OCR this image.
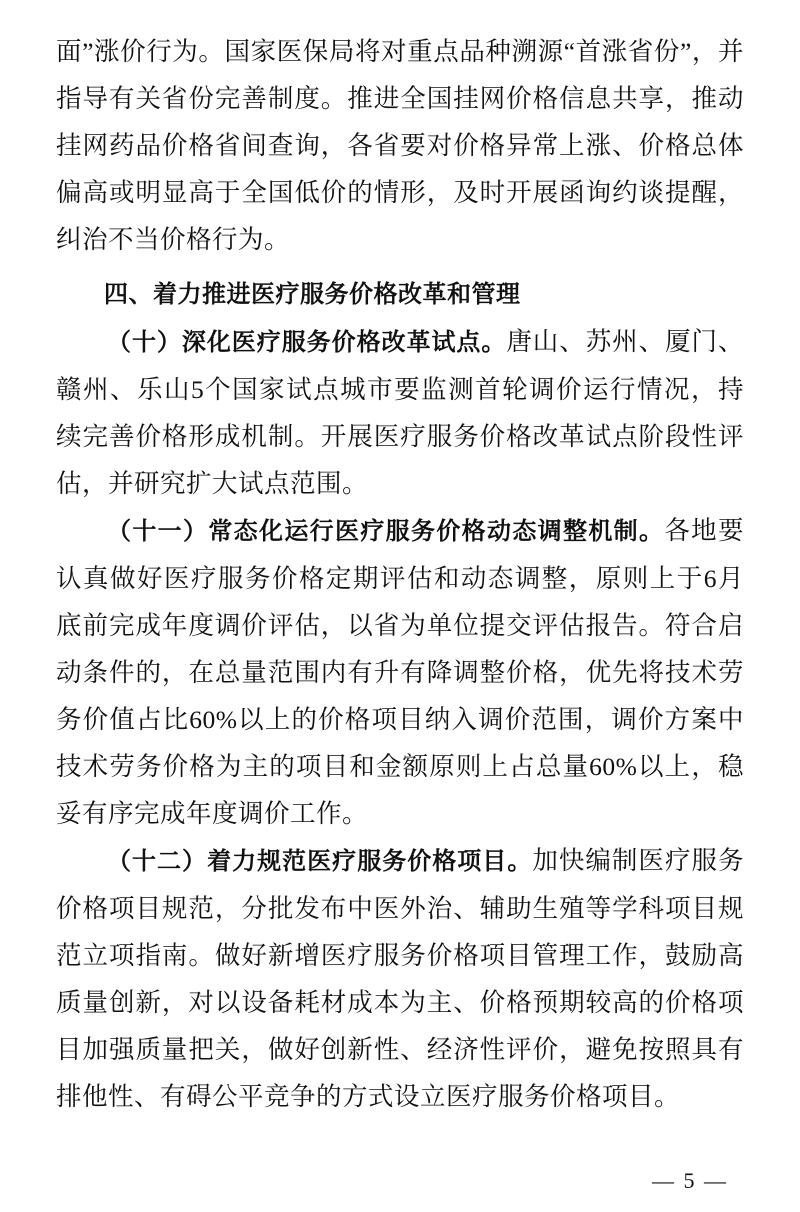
面”涨价行为。国家医保局将对重点品种溯源“首涨省份”，并指导有关省份完善制度。推进全国挂网价格信息共享，推动挂网药品价格省间查询，各省要对价格异常上涨、价格总体偏高或明显高于全国低价的情形，及时开展函询约谈提醒，纠治不当价格行为。

四、着力推进医疗服务价格改革和管理

（十）深化医疗服务价格改革试点。唐山、苏州、厦门、赣州、乐山5个国家试点城市要监测首轮调价运行情况，持续完善价格形成机制。开展医疗服务价格改革试点阶段性评估，并研究扩大试点范围。

（十一）常态化运行医疗服务价格动态调整机制。各地要认真做好医疗服务价格定期评估和动态调整，原则上于6月底前完成年度调价评估，以省为单位提交评估报告。符合启动条件的，在总量范围内有升有降调整价格，优先将技术劳务价值占比60%以上的价格项目纳入调价范围，调价方案中技术劳务价格为主的项目和金额原则上占总量60%以上，稳妥有序完成年度调价工作。

（十二）着力规范医疗服务价格项目。加快编制医疗服务价格项目规范，分批发布中医外治、辅助生殖等学科项目规范立项指南。做好新增医疗服务价格项目管理工作，鼓励高质量创新，对以设备耗材成本为主、价格预期较高的价格项目加强质量把关，做好创新性、经济性评价，避免按照具有排他性、有碍公平竞争的方式设立医疗服务价格项目。

— 5 —
